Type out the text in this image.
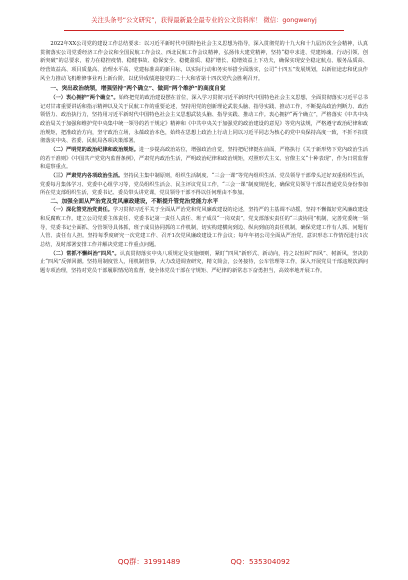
关注头条号“公文研究”，获得最新最全最专业的公文资料库！ 微信：gongwenyj

2022年XX公司党的建设工作总结要求：以习近平新时代中国特色社会主义思想为指导，深入贯彻党的十九大和十九届历次全会精神，认真贯彻落实公司党委经济工作会议和全国民航工作会议、西北民航工作会议精神，弘扬伟大建党精神，坚持“稳中求进、党建铸魂、行动引领、创新突破”的总要求，着力在稳控疫情、稳健事故、稳保安全、稳健盈质、稳扩增长、稳增效益上下功夫，确保实现安全稳定航点、服务品质高、经营效益高、项目质量高、治理水平高、党建标准高的新目标，以实际行动和务实举措全面落实，公司“十四五”发展规划，以新征途忠和优良作风全力推动飞机维修事业再上新台阶，以优异成绩迎接党的二十大和省第十四次党代会胜利召开。

一、突出政治统领，增强坚持“两个确立”、做到“两个维护”的高度自觉

（一）衷心拥护“两个确立”。始终把党的政治建设摆在首位，深入学习贯彻习近平新时代中国特色社会主义思想，全面贯彻落实习近平总书记对甘肃重要讲话和指示精神以及关于民航工作的重要论述，坚持用党的创新理论武装头脑、指导实践、推动工作，不断提高政治判断力、政治领悟力、政治执行力，坚持用习近平新时代中国特色社会主义思想武装头脑、指导实践、推动工作。衷心拥护“两个确立”，严格落实《中共中央政治局关于加强和维护党中央集中统一领导的若干规定》精神和《中共中央关于加强党的政治建设的意见》等党内法规，严格遵守政治纪律和政治规矩，把准政治方向，坚守政治立场，永葆政治本色，始终在思想上政治上行动上同以习近平同志为核心的党中央保持高度一致，不折不扣贯彻落实中央、省委、民航局各项决策部署。

（二）严明党的政治纪律和政治规矩。进一步提高政治站位，增强政治自觉，坚持把纪律挺在前面，严格执行《关于新形势下党内政治生活的若干准则》《中国共产党党内监督条例》，严肃党内政治生活，严明政治纪律和政治规矩，对照形式主义、官僚主义“十种表现”，作为日常监督和巡察重点。

（三）严肃党内各项政治生活。坚持民主集中制原则，组织生活制度、“三会一课”等党内组织生活、党员领导干部带头过好双重组织生活，党委每月集体学习、党委中心组学习等，党员组织生活会、民主评议党员工作，“三会一课”制度规范化，确保党员领导干部以普通党员身份参加所在党支部组织生活，党委书记、委员带头讲党课，党员领导干部不得以任何理由不参加。

二、加强全面从严治党及党风廉政建设，不断提升管党治党能力水平

（一）深化管党治党责任。学习贯彻习近平关于全面从严治党和党风廉政建设的论述，坚持严的主基调不动摇，坚持不懈做好党风廉政建设和反腐败工作。建立公司党委主体责任、党委书记第一责任人责任、班子成员“一岗双责”，党支部落实责任的“三责协同”机制，完善党委统一领导，党委书记全面抓、分管领导具体抓，班子成员协同抓的工作机制，切实构建横向到边、纵向到底的责任机制，确保党建工作有人抓、问题有人管、责任有人担。坚持每季度研究一次党建工作、召开1次党风廉政建设工作会议；每年年初公司全面从严治党、意识形态工作情况进行1次总结，及时部署安排工作并解决党建工作重点问题。

（二）常抓不懈纠治“四风”。认真贯彻落实中央八项规定及实施细则，紧盯“四风”新形式、新动向，持之以恒纠“四风”、树新风，坚决防止“四风”反弹回潮。坚持用制度管人，用机制管事，大力改进调查研究，精文简会，公务接待，公车管理等工作，深入开展党员干部违规饮酒问题专项治理，坚持对党员干部履职情况的监督，使全体党员干部在守规矩、严纪律的新常态下奋勇担当，高效率地开展工作。

QQ群：31991489	QQ：535304092
